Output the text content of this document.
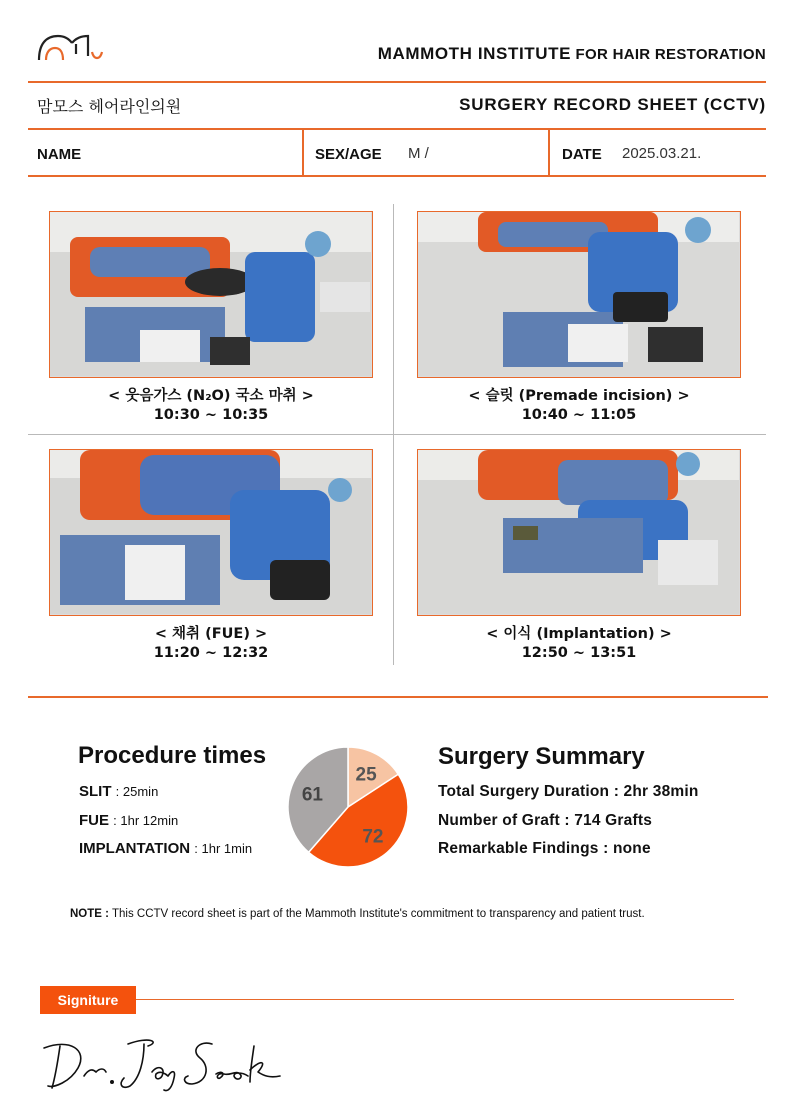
MAMMOTH INSTITUTE FOR HAIR RESTORATION
맘모스 헤어라인의원	SURGERY RECORD SHEET (CCTV)
NAME	SEX/AGE M /	DATE 2025.03.21.
< 웃음가스 (N₂O) 국소 마취 >
10:30 ~ 10:35
< 슬릿 (Premade incision) >
10:40 ~ 11:05
< 채취 (FUE) >
11:20 ~ 12:32
< 이식 (Implantation) >
12:50 ~ 13:51
Procedure times
SLIT : 25min
FUE : 1hr 12min
IMPLANTATION : 1hr 1min
25
72
61
Surgery Summary
Total Surgery Duration : 2hr 38min
Number of Graft : 714 Grafts
Remarkable Findings : none
NOTE : This CCTV record sheet is part of the Mammoth Institute's commitment to transparency and patient trust.
Signiture
